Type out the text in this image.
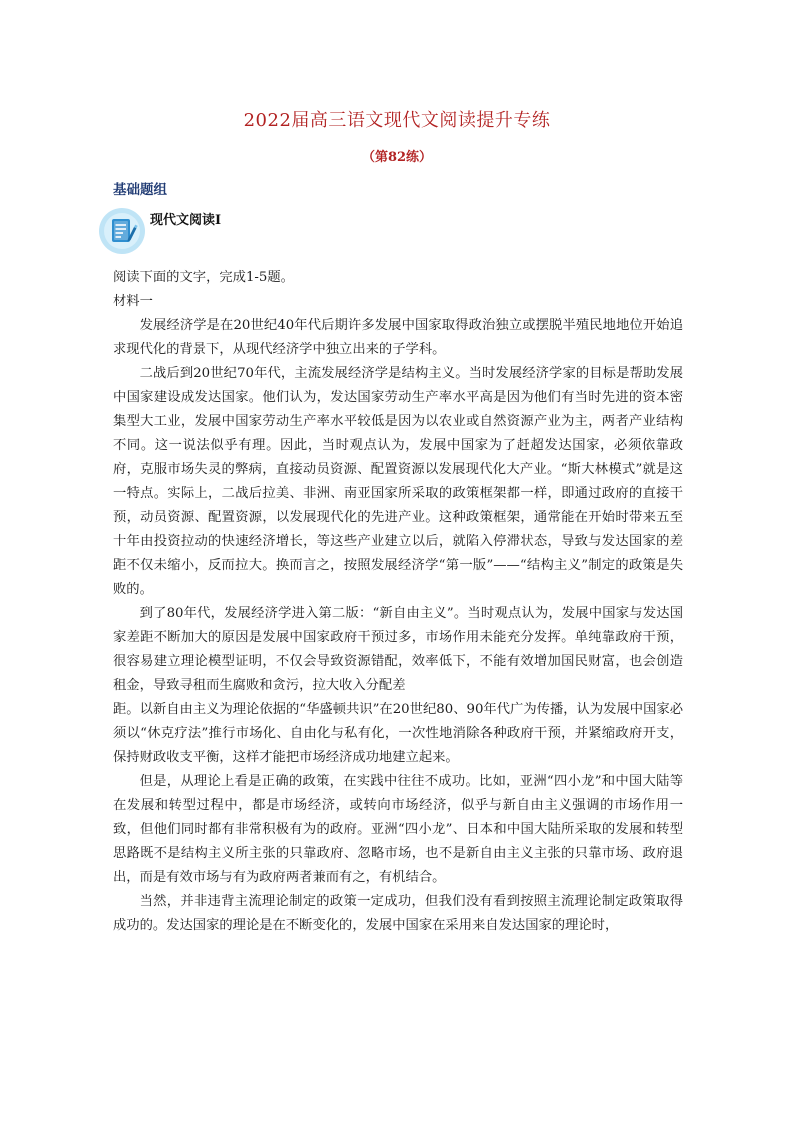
2022届高三语文现代文阅读提升专练
（第82练）
基础题组
现代文阅读Ⅰ

阅读下面的文字，完成1-5题。

材料一

发展经济学是在20世纪40年代后期许多发展中国家取得政治独立或摆脱半殖民地地位开始追求现代化的背景下，从现代经济学中独立出来的子学科。

二战后到20世纪70年代，主流发展经济学是结构主义。当时发展经济学家的目标是帮助发展中国家建设成发达国家。他们认为，发达国家劳动生产率水平高是因为他们有当时先进的资本密集型大工业，发展中国家劳动生产率水平较低是因为以农业或自然资源产业为主，两者产业结构不同。这一说法似乎有理。因此，当时观点认为，发展中国家为了赶超发达国家，必须依靠政府，克服市场失灵的弊病，直接动员资源、配置资源以发展现代化大产业。“斯大林模式”就是这一特点。实际上，二战后拉美、非洲、南亚国家所采取的政策框架都一样，即通过政府的直接干预，动员资源、配置资源，以发展现代化的先进产业。这种政策框架，通常能在开始时带来五至十年由投资拉动的快速经济增长，等这些产业建立以后，就陷入停滞状态，导致与发达国家的差距不仅未缩小，反而拉大。换而言之，按照发展经济学“第一版”——“结构主义”制定的政策是失败的。

到了80年代，发展经济学进入第二版：“新自由主义”。当时观点认为，发展中国家与发达国家差距不断加大的原因是发展中国家政府干预过多，市场作用未能充分发挥。单纯靠政府干预，很容易建立理论模型证明，不仅会导致资源错配，效率低下，不能有效增加国民财富，也会创造租金，导致寻租而生腐败和贪污，拉大收入分配差

距。以新自由主义为理论依据的“华盛顿共识”在20世纪80、90年代广为传播，认为发展中国家必须以“休克疗法”推行市场化、自由化与私有化，一次性地消除各种政府干预，并紧缩政府开支，保持财政收支平衡，这样才能把市场经济成功地建立起来。

但是，从理论上看是正确的政策，在实践中往往不成功。比如，亚洲“四小龙”和中国大陆等在发展和转型过程中，都是市场经济，或转向市场经济，似乎与新自由主义强调的市场作用一致，但他们同时都有非常积极有为的政府。亚洲“四小龙”、日本和中国大陆所采取的发展和转型思路既不是结构主义所主张的只靠政府、忽略市场，也不是新自由主义主张的只靠市场、政府退出，而是有效市场与有为政府两者兼而有之，有机结合。

当然，并非违背主流理论制定的政策一定成功，但我们没有看到按照主流理论制定政策取得成功的。发达国家的理论是在不断变化的，发展中国家在采用来自发达国家的理论时，
